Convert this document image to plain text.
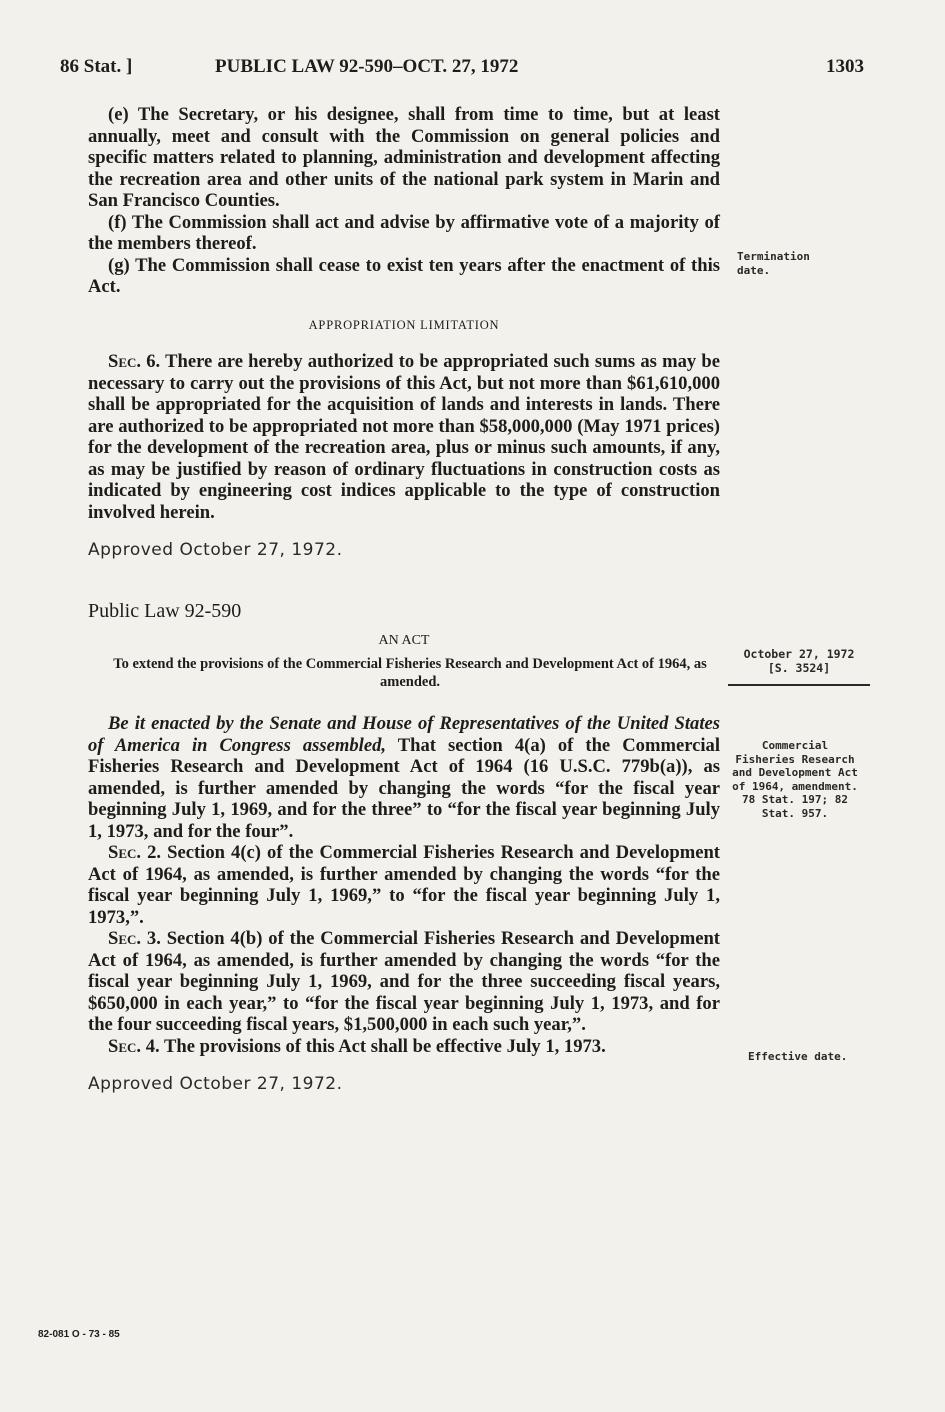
86 Stat. ]	PUBLIC LAW 92-590–OCT. 27, 1972	1303

(e) The Secretary, or his designee, shall from time to time, but at least annually, meet and consult with the Commission on general policies and specific matters related to planning, administration and development affecting the recreation area and other units of the national park system in Marin and San Francisco Counties.

(f) The Commission shall act and advise by affirmative vote of a majority of the members thereof.

(g) The Commission shall cease to exist ten years after the enactment of this Act.

Termination date.
APPROPRIATION LIMITATION

Sec. 6. There are hereby authorized to be appropriated such sums as may be necessary to carry out the provisions of this Act, but not more than $61,610,000 shall be appropriated for the acquisition of lands and interests in lands. There are authorized to be appropriated not more than $58,000,000 (May 1971 prices) for the development of the recreation area, plus or minus such amounts, if any, as may be justified by reason of ordinary fluctuations in construction costs as indicated by engineering cost indices applicable to the type of construction involved herein.

Approved October 27, 1972.
Public Law 92-590
AN ACT
To extend the provisions of the Commercial Fisheries Research and Development Act of 1964, as amended.
October 27, 1972
[S. 3524]

Be it enacted by the Senate and House of Representatives of the United States of America in Congress assembled, That section 4(a) of the Commercial Fisheries Research and Development Act of 1964 (16 U.S.C. 779b(a)), as amended, is further amended by changing the words “for the fiscal year beginning July 1, 1969, and for the three” to “for the fiscal year beginning July 1, 1973, and for the four”.

Sec. 2. Section 4(c) of the Commercial Fisheries Research and Development Act of 1964, as amended, is further amended by changing the words “for the fiscal year beginning July 1, 1969,” to “for the fiscal year beginning July 1, 1973,”.

Sec. 3. Section 4(b) of the Commercial Fisheries Research and Development Act of 1964, as amended, is further amended by changing the words “for the fiscal year beginning July 1, 1969, and for the three succeeding fiscal years, $650,000 in each year,” to “for the fiscal year beginning July 1, 1973, and for the four succeeding fiscal years, $1,500,000 in each such year,”.

Sec. 4. The provisions of this Act shall be effective July 1, 1973.

Approved October 27, 1972.
Commercial Fisheries Research and Development Act of 1964, amendment.
78 Stat. 197; 82 Stat. 957.
Effective date.
82-081 O - 73 - 85
